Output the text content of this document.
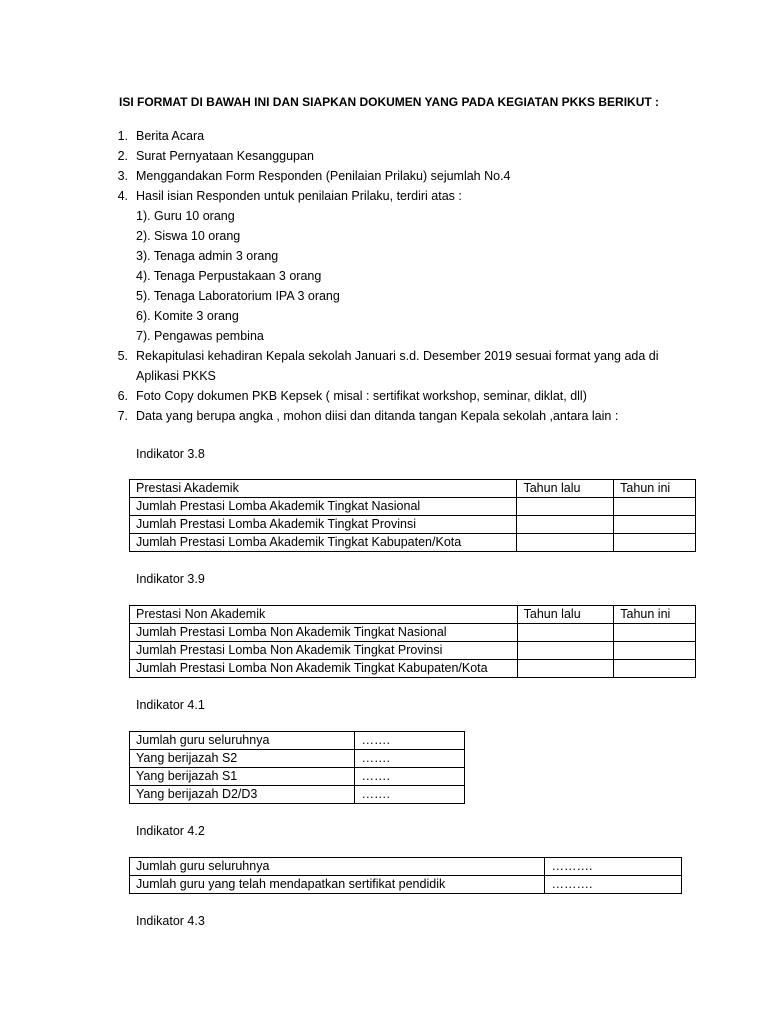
ISI FORMAT DI BAWAH INI DAN SIAPKAN DOKUMEN YANG PADA KEGIATAN PKKS BERIKUT :
1. Berita Acara
2. Surat Pernyataan Kesanggupan
3. Menggandakan Form Responden (Penilaian Prilaku) sejumlah No.4
4. Hasil isian Responden untuk penilaian Prilaku, terdiri atas :
1). Guru 10 orang
2). Siswa 10 orang
3). Tenaga admin 3 orang
4). Tenaga Perpustakaan 3 orang
5). Tenaga Laboratorium IPA 3 orang
6). Komite 3 orang
7). Pengawas pembina
5. Rekapitulasi kehadiran Kepala sekolah Januari s.d. Desember 2019 sesuai format yang ada di
Aplikasi PKKS
6. Foto Copy dokumen PKB Kepsek ( misal : sertifikat workshop, seminar, diklat, dll)
7. Data yang berupa angka , mohon diisi dan ditanda tangan Kepala sekolah ,antara lain :
Indikator 3.8
Prestasi Akademik	Tahun lalu	Tahun ini
Jumlah Prestasi Lomba Akademik Tingkat Nasional		
Jumlah Prestasi Lomba Akademik Tingkat Provinsi		
Jumlah Prestasi Lomba Akademik Tingkat Kabupaten/Kota		
Indikator 3.9
Prestasi Non Akademik	Tahun lalu	Tahun ini
Jumlah Prestasi Lomba Non Akademik Tingkat Nasional		
Jumlah Prestasi Lomba Non Akademik Tingkat Provinsi		
Jumlah Prestasi Lomba Non Akademik Tingkat Kabupaten/Kota		
Indikator 4.1
Jumlah guru seluruhnya	…….
Yang berijazah S2	…….
Yang berijazah S1	…….
Yang berijazah D2/D3	…….
Indikator 4.2
Jumlah guru seluruhnya	……….
Jumlah guru yang telah mendapatkan sertifikat pendidik	……….
Indikator 4.3
